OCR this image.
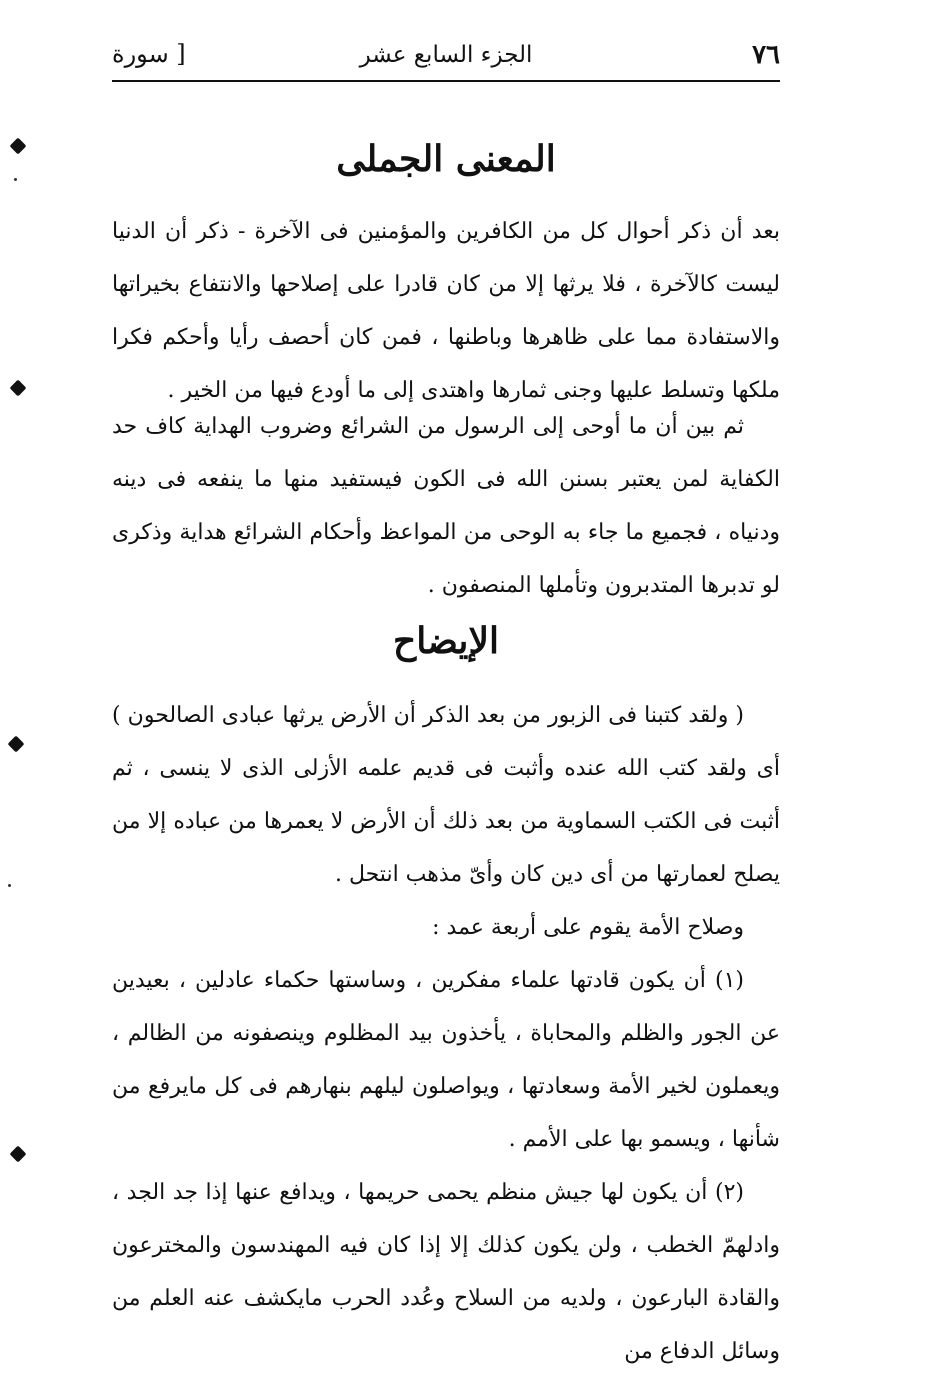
٧٦
الجزء السابع عشر
[ سورة
المعنى الجملى

بعد أن ذكر أحوال كل من الكافرين والمؤمنين فى الآخرة - ذكر أن الدنيا ليست كالآخرة ، فلا يرثها إلا من كان قادرا على إصلاحها والانتفاع بخيراتها والاستفادة مما على ظاهرها وباطنها ، فمن كان أحصف رأيا وأحكم فكرا ملكها وتسلط عليها وجنى ثمارها واهتدى إلى ما أودع فيها من الخير .

ثم بين أن ما أوحى إلى الرسول من الشرائع وضروب الهداية كاف حد الكفاية لمن يعتبر بسنن الله فى الكون فيستفيد منها ما ينفعه فى دينه ودنياه ، فجميع ما جاء به الوحى من المواعظ وأحكام الشرائع هداية وذكرى لو تدبرها المتدبرون وتأملها المنصفون .

الإيضاح

( ولقد كتبنا فى الزبور من بعد الذكر أن الأرض يرثها عبادى الصالحون ) أى ولقد كتب الله عنده وأثبت فى قديم علمه الأزلى الذى لا ينسى ، ثم أثبت فى الكتب السماوية من بعد ذلك أن الأرض لا يعمرها من عباده إلا من يصلح لعمارتها من أى دين كان وأىّ مذهب انتحل .

وصلاح الأمة يقوم على أربعة عمد :

(١) أن يكون قادتها علماء مفكرين ، وساستها حكماء عادلين ، بعيدين عن الجور والظلم والمحاباة ، يأخذون بيد المظلوم وينصفونه من الظالم ، ويعملون لخير الأمة وسعادتها ، ويواصلون ليلهم بنهارهم فى كل مايرفع من شأنها ، ويسمو بها على الأمم .

(٢) أن يكون لها جيش منظم يحمى حريمها ، ويدافع عنها إذا جد الجد ، وادلهمّ الخطب ، ولن يكون كذلك إلا إذا كان فيه المهندسون والمخترعون والقادة البارعون ، ولديه من السلاح وعُدد الحرب مايكشف عنه العلم من وسائل الدفاع من
